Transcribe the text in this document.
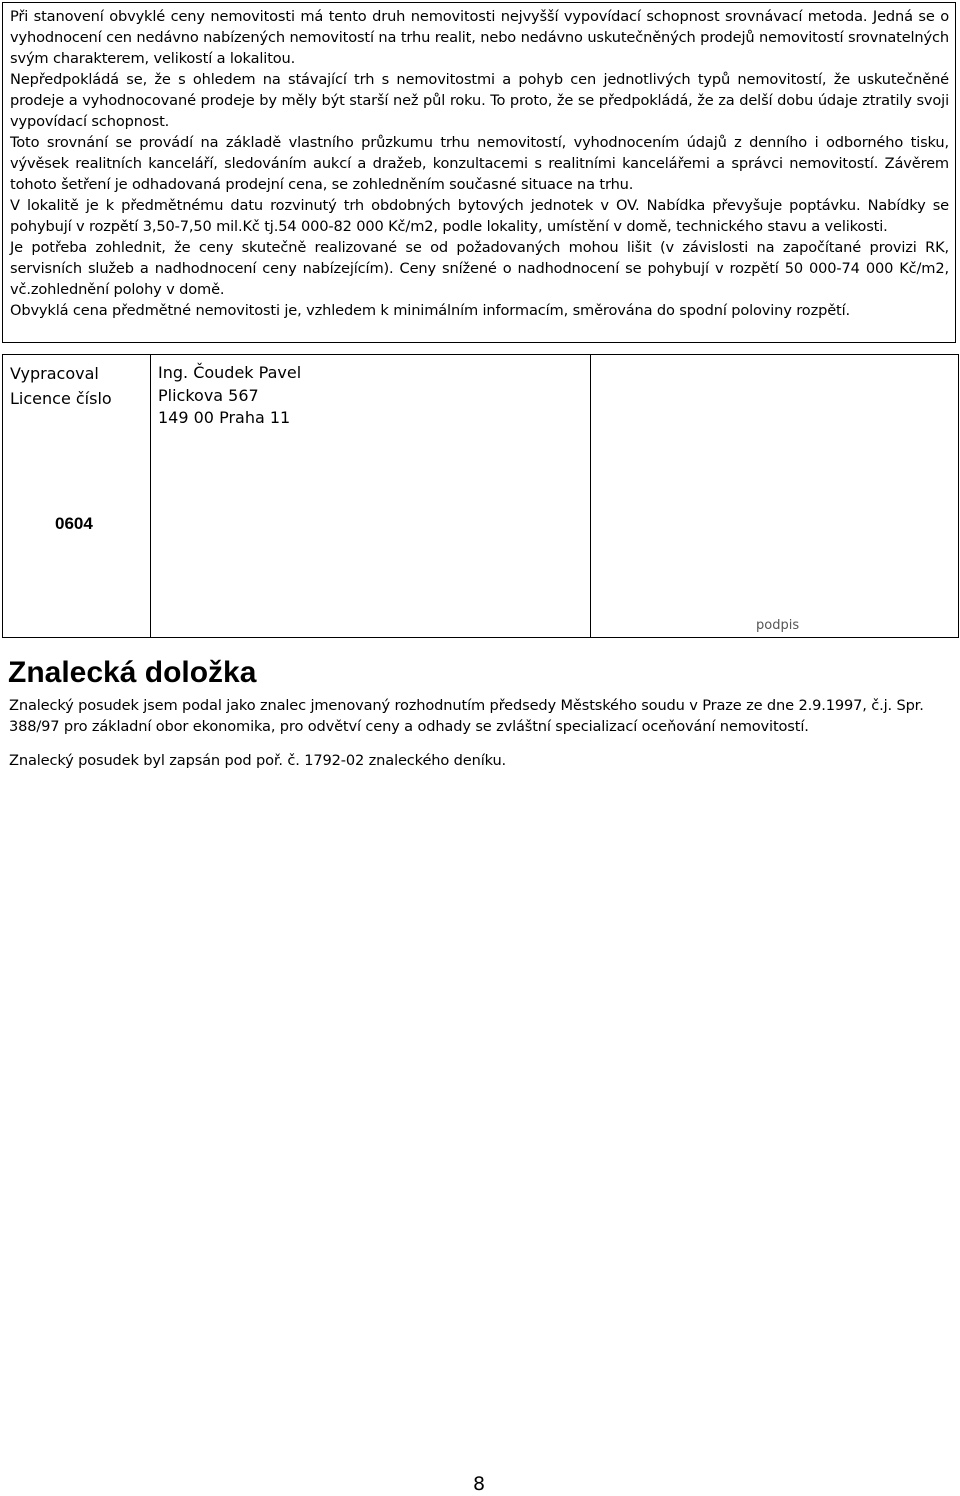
Při stanovení obvyklé ceny nemovitosti má tento druh nemovitosti nejvyšší vypovídací schopnost srovnávací metoda. Jedná se o vyhodnocení cen nedávno nabízených nemovitostí na trhu realit, nebo nedávno uskutečněných prodejů nemovitostí srovnatelných svým charakterem, velikostí a lokalitou.

Nepředpokládá se, že s ohledem na stávající trh s nemovitostmi a pohyb cen jednotlivých typů nemovitostí, že uskutečněné prodeje a vyhodnocované prodeje by měly být starší než půl roku. To proto, že se předpokládá, že za delší dobu údaje ztratily svoji vypovídací schopnost.

Toto srovnání se provádí na základě vlastního průzkumu trhu nemovitostí, vyhodnocením údajů z denního i odborného tisku, vývěsek realitních kanceláří, sledováním aukcí a dražeb, konzultacemi s realitními kancelářemi a správci nemovitostí. Závěrem tohoto šetření je odhadovaná prodejní cena, se zohledněním současné situace na trhu.

V lokalitě je k předmětnému datu rozvinutý trh obdobných bytových jednotek v OV. Nabídka převyšuje poptávku. Nabídky se pohybují v rozpětí 3,50-7,50 mil.Kč tj.54 000-82 000 Kč/m2, podle lokality, umístění v domě, technického stavu a velikosti.

Je potřeba zohlednit, že ceny skutečně realizované se od požadovaných mohou lišit (v závislosti na započítané provizi RK, servisních služeb a nadhodnocení ceny nabízejícím). Ceny snížené o nadhodnocení se pohybují v rozpětí 50 000-74 000 Kč/m2, vč.zohlednění polohy v domě.

Obvyklá cena předmětné nemovitosti je, vzhledem k minimálním informacím, směrována do spodní poloviny rozpětí.

Vypracoval
Licence číslo
Ing. Čoudek Pavel
Plickova 567
149 00 Praha 11
0604
podpis
Znalecká doložka

Znalecký posudek jsem podal jako znalec jmenovaný rozhodnutím předsedy Městského soudu v Praze ze dne 2.9.1997, č.j. Spr. 388/97 pro základní obor ekonomika, pro odvětví ceny a odhady se zvláštní specializací oceňování nemovitostí.

Znalecký posudek byl zapsán pod poř. č. 1792-02 znaleckého deníku.

8
